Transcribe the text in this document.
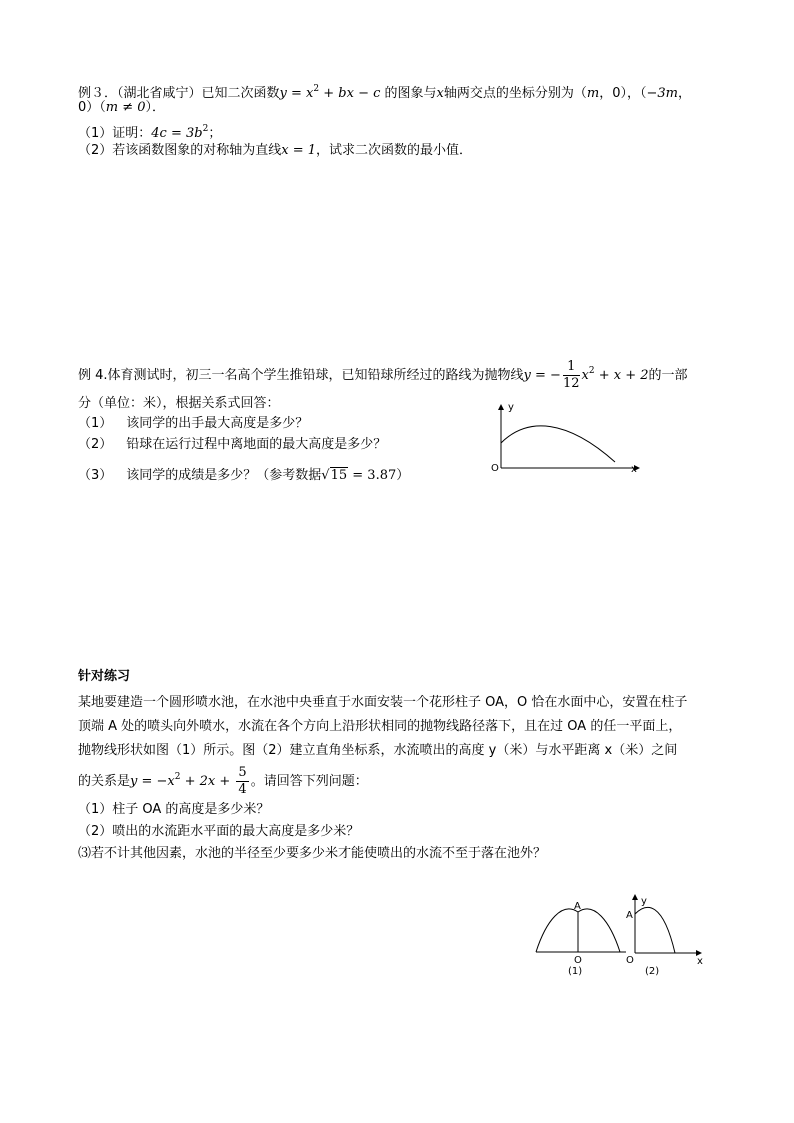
例３．（湖北省咸宁）已知二次函数$y = x^2$ + bx − c 的图象与x轴两交点的坐标分别为（m，0），（−3m，
0）（m ≠ 0）．
（1）证明：$4c = 3b^2$；
（2）若该函数图象的对称轴为直线x = 1，试求二次函数的最小值．
例 4.体育测试时，初三一名高个学生推铅球，已知铅球所经过的路线为抛物线y = − $\frac{1}{12} x^2 + x + 2$的一部
分（单位：米），根据关系式回答：
（1） 该同学的出手最大高度是多少？
（2） 铅球在运行过程中离地面的最大高度是多少？
（3） 该同学的成绩是多少？（参考数据√15 = 3.87）
y
x
O
针对练习
某地要建造一个圆形喷水池，在水池中央垂直于水面安装一个花形柱子 OA，O 恰在水面中心，安置在柱子
顶端 A 处的喷头向外喷水，水流在各个方向上沿形状相同的抛物线路径落下，且在过 OA 的任一平面上，
抛物线形状如图（1）所示。图（2）建立直角坐标系，水流喷出的高度 y（米）与水平距离 x（米）之间
的关系是$y = -x^2 + 2x + \frac{5}{4}$ 。请回答下列问题：
（1）柱子 OA 的高度是多少米？
（2）喷出的水流距水平面的最大高度是多少米？
⑶若不计其他因素，水池的半径至少要多少米才能使喷出的水流不至于落在池外？
A
O
(1)
y
A
x
O
(2)
